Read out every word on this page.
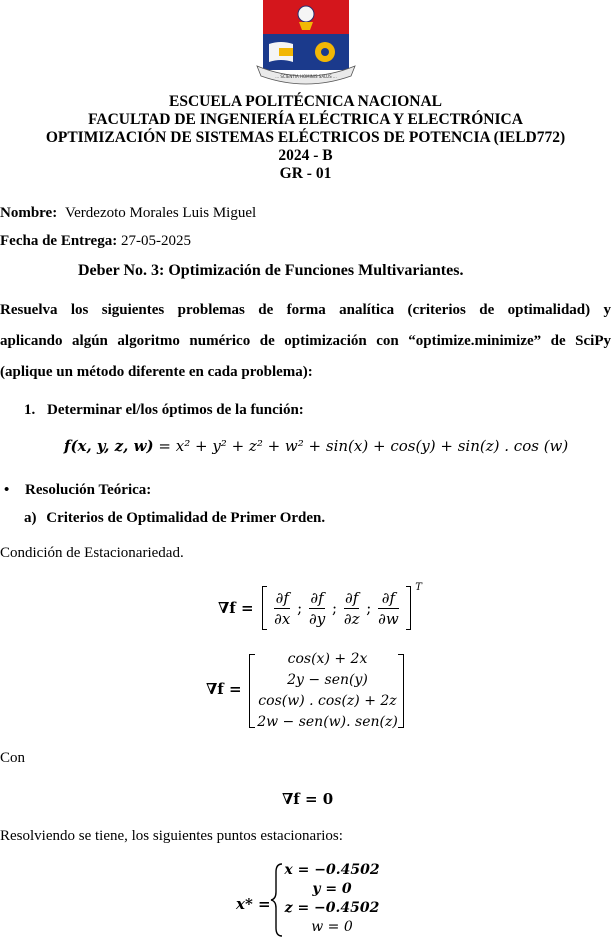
... SCIENTIA HOMINIS SALUS ...
ESCUELA POLITÉCNICA NACIONAL
FACULTAD DE INGENIERÍA ELÉCTRICA Y ELECTRÓNICA
OPTIMIZACIÓN DE SISTEMAS ELÉCTRICOS DE POTENCIA (IELD772)
2024 - B
GR - 01
Nombre: Verdezoto Morales Luis Miguel
Fecha de Entrega: 27-05-2025
Deber No. 3: Optimización de Funciones Multivariantes.
Resuelva los siguientes problemas de forma analítica (criterios de optimalidad) y
aplicando algún algoritmo numérico de optimización con “optimize.minimize” de SciPy
(aplique un método diferente en cada problema):
1. Determinar el/los óptimos de la función:
f(x, y, z, w) = x² + y² + z² + w² + sin(x) + cos(y) + sin(z) . cos (w)
• Resolución Teórica:
a) Criterios de Optimalidad de Primer Orden.
Condición de Estacionariedad.
$\nabla f = \frac{\partial f}{\partial x}$ ; $\frac{\partial f}{\partial y}$ ; $\frac{\partial f}{\partial z}$ ; $\frac{\partial f}{\partial w} ^T$
∇f =
cos(x) + 2x
2y − sen(y)
cos(w) . cos(z) + 2z
2w − sen(w). sen(z)
Con
∇f = 0
Resolviendo se tiene, los siguientes puntos estacionarios:
x* =
x = −0.4502
y = 0
z = −0.4502
w = 0
